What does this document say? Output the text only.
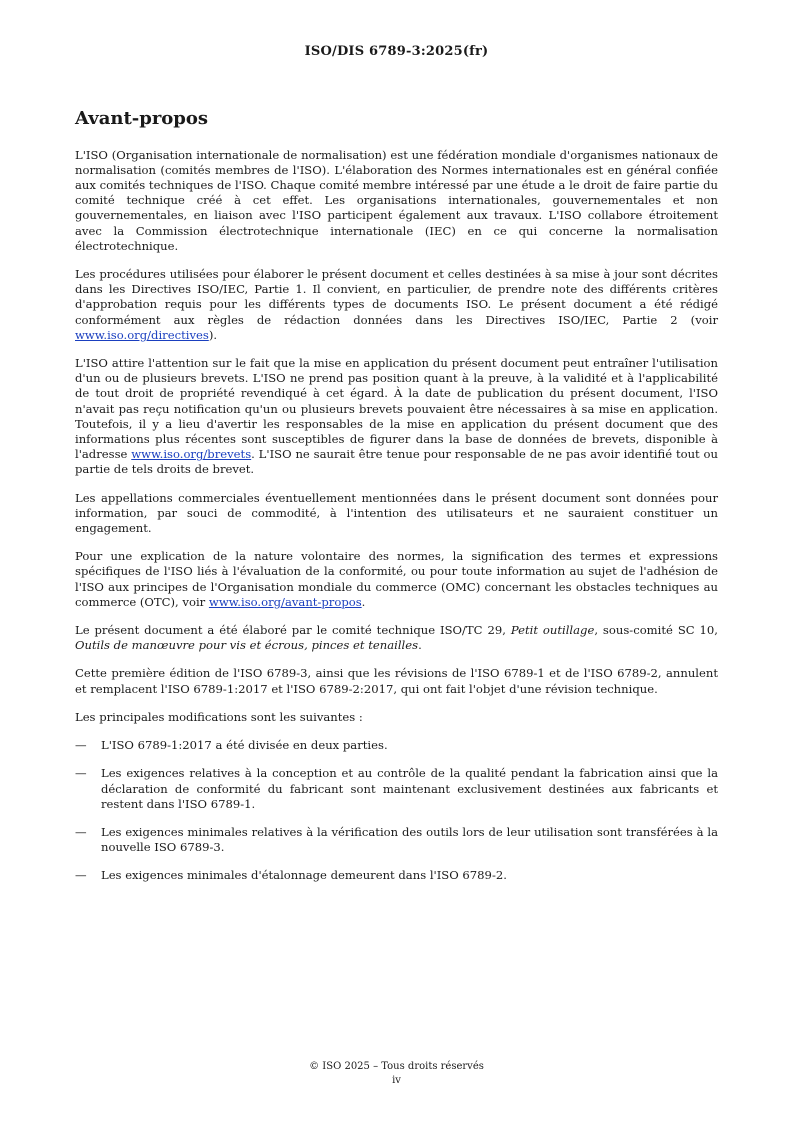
ISO/DIS 6789-3:2025(fr)
Avant-propos

L'ISO (Organisation internationale de normalisation) est une fédération mondiale d'organismes nationaux de normalisation (comités membres de l'ISO). L'élaboration des Normes internationales est en général confiée aux comités techniques de l'ISO. Chaque comité membre intéressé par une étude a le droit de faire partie du comité technique créé à cet effet. Les organisations internationales, gouvernementales et non gouvernementales, en liaison avec l'ISO participent également aux travaux. L'ISO collabore étroitement avec la Commission électrotechnique internationale (IEC) en ce qui concerne la normalisation électrotechnique.

Les procédures utilisées pour élaborer le présent document et celles destinées à sa mise à jour sont décrites dans les Directives ISO/IEC, Partie 1. Il convient, en particulier, de prendre note des différents critères d'approbation requis pour les différents types de documents ISO. Le présent document a été rédigé conformément aux règles de rédaction données dans les Directives ISO/IEC, Partie 2 (voir www.iso.org/directives).

L'ISO attire l'attention sur le fait que la mise en application du présent document peut entraîner l'utilisation d'un ou de plusieurs brevets. L'ISO ne prend pas position quant à la preuve, à la validité et à l'applicabilité de tout droit de propriété revendiqué à cet égard. À la date de publication du présent document, l'ISO n'avait pas reçu notification qu'un ou plusieurs brevets pouvaient être nécessaires à sa mise en application. Toutefois, il y a lieu d'avertir les responsables de la mise en application du présent document que des informations plus récentes sont susceptibles de figurer dans la base de données de brevets, disponible à l'adresse www.iso.org/brevets. L'ISO ne saurait être tenue pour responsable de ne pas avoir identifié tout ou partie de tels droits de brevet.

Les appellations commerciales éventuellement mentionnées dans le présent document sont données pour information, par souci de commodité, à l'intention des utilisateurs et ne sauraient constituer un engagement.

Pour une explication de la nature volontaire des normes, la signification des termes et expressions spécifiques de l'ISO liés à l'évaluation de la conformité, ou pour toute information au sujet de l'adhésion de l'ISO aux principes de l'Organisation mondiale du commerce (OMC) concernant les obstacles techniques au commerce (OTC), voir www.iso.org/avant-propos.

Le présent document a été élaboré par le comité technique ISO/TC 29, Petit outillage, sous-comité SC 10, Outils de manœuvre pour vis et écrous, pinces et tenailles.

Cette première édition de l'ISO 6789-3, ainsi que les révisions de l'ISO 6789-1 et de l'ISO 6789-2, annulent et remplacent l'ISO 6789-1:2017 et l'ISO 6789-2:2017, qui ont fait l'objet d'une révision technique.

Les principales modifications sont les suivantes :

—	L'ISO 6789-1:2017 a été divisée en deux parties.
—	Les exigences relatives à la conception et au contrôle de la qualité pendant la fabrication ainsi que la déclaration de conformité du fabricant sont maintenant exclusivement destinées aux fabricants et restent dans l'ISO 6789-1.
—	Les exigences minimales relatives à la vérification des outils lors de leur utilisation sont transférées à la nouvelle ISO 6789-3.
—	Les exigences minimales d'étalonnage demeurent dans l'ISO 6789-2.
© ISO 2025 – Tous droits réservés
iv
